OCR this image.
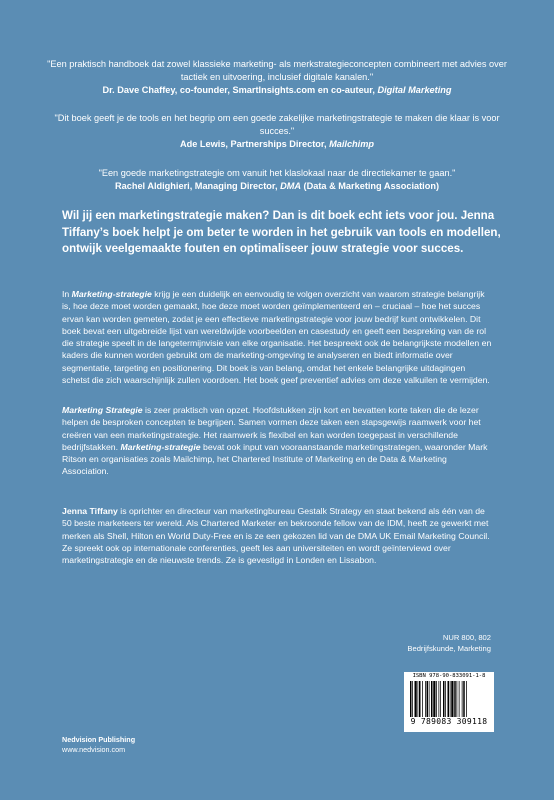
"Een praktisch handboek dat zowel klassieke marketing- als merkstrategieconcepten combineert met advies over tactiek en uitvoering, inclusief digitale kanalen."
Dr. Dave Chaffey, co-founder, SmartInsights.com en co-auteur, Digital Marketing
"Dit boek geeft je de tools en het begrip om een goede zakelijke marketingstrategie te maken die klaar is voor succes."
Ade Lewis, Partnerships Director, Mailchimp
"Een goede marketingstrategie om vanuit het klaslokaal naar de directiekamer te gaan."
Rachel Aldighieri, Managing Director, DMA (Data & Marketing Association)
Wil jij een marketingstrategie maken? Dan is dit boek echt iets voor jou. Jenna Tiffany’s boek helpt je om beter te worden in het gebruik van tools en modellen, ontwijk veelgemaakte fouten en optimaliseer jouw strategie voor succes.
In Marketing-strategie krijg je een duidelijk en eenvoudig te volgen overzicht van waarom strategie belangrijk is, hoe deze moet worden gemaakt, hoe deze moet worden geïmplementeerd en – cruciaal – hoe het succes ervan kan worden gemeten, zodat je een effectieve marketingstrategie voor jouw bedrijf kunt ontwikkelen. Dit boek bevat een uitgebreide lijst van wereldwijde voorbeelden en casestudy en geeft een bespreking van de rol die strategie speelt in de langetermijnvisie van elke organisatie. Het bespreekt ook de belangrijkste modellen en kaders die kunnen worden gebruikt om de marketing-omgeving te analyseren en biedt informatie over segmentatie, targeting en positionering. Dit boek is van belang, omdat het enkele belangrijke uitdagingen schetst die zich waarschijnlijk zullen voordoen. Het boek geef preventief advies om deze valkuilen te vermijden.
Marketing Strategie is zeer praktisch van opzet. Hoofdstukken zijn kort en bevatten korte taken die de lezer helpen de besproken concepten te begrijpen. Samen vormen deze taken een stapsgewijs raamwerk voor het creëren van een marketingstrategie. Het raamwerk is flexibel en kan worden toegepast in verschillende bedrijfstakken. Marketing-strategie bevat ook input van vooraanstaande marketingstrategen, waaronder Mark Ritson en organisaties zoals Mailchimp, het Chartered Institute of Marketing en de Data & Marketing Association.
Jenna Tiffany is oprichter en directeur van marketingbureau Gestalk Strategy en staat bekend als één van de 50 beste marketeers ter wereld. Als Chartered Marketer en bekroonde fellow van de IDM, heeft ze gewerkt met merken als Shell, Hilton en World Duty-Free en is ze een gekozen lid van de DMA UK Email Marketing Council. Ze spreekt ook op internationale conferenties, geeft les aan universiteiten en wordt geïnterviewd over marketingstrategie en de nieuwste trends. Ze is gevestigd in Londen en Lissabon.
NUR 800, 802
Bedrijfskunde, Marketing
ISBN 978-90-833091-1-8
9 789083 309118
Nedvision Publishing
www.nedvision.com
